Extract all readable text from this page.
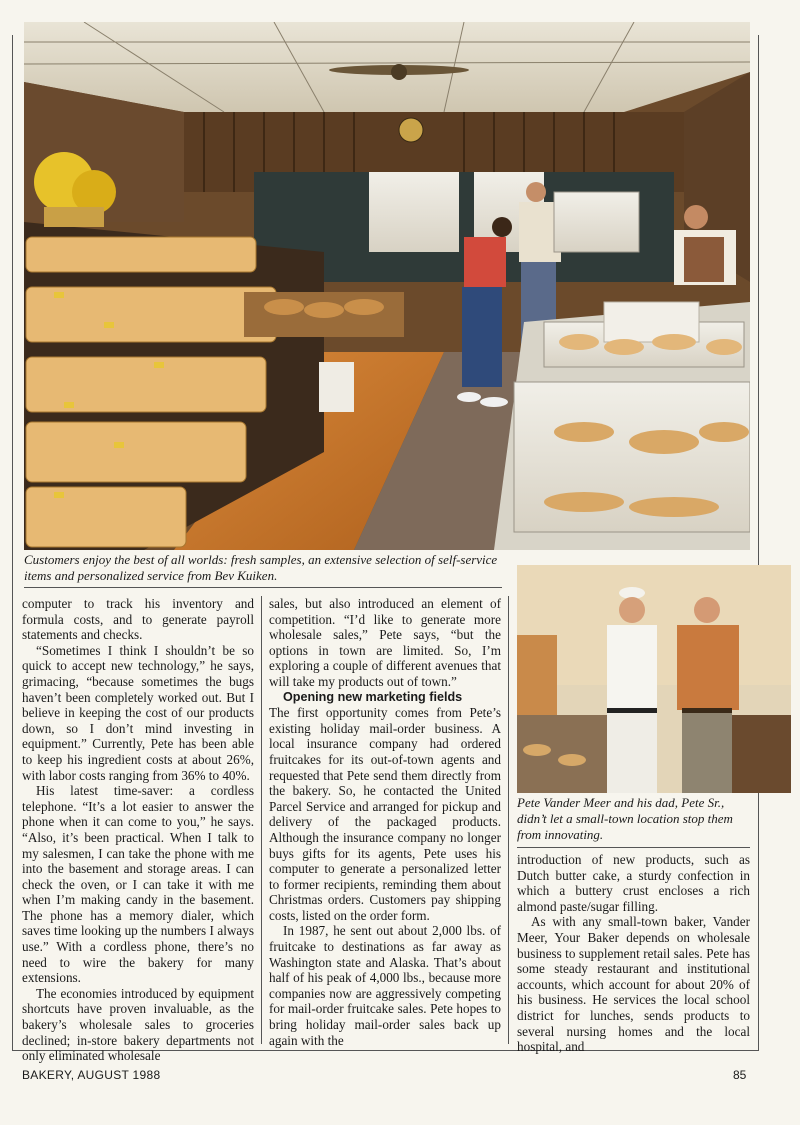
Customers enjoy the best of all worlds: fresh samples, an extensive selection of self-service items and personalized service from Bev Kuiken.

computer to track his inventory and formula costs, and to generate payroll statements and checks.

“Sometimes I think I shouldn’t be so quick to accept new technology,” he says, grimacing, “because sometimes the bugs haven’t been completely worked out. But I believe in keeping the cost of our products down, so I don’t mind investing in equipment.” Currently, Pete has been able to keep his ingredient costs at about 26%, with labor costs ranging from 36% to 40%.

His latest time-saver: a cordless telephone. “It’s a lot easier to answer the phone when it can come to you,” he says. “Also, it’s been practical. When I talk to my salesmen, I can take the phone with me into the basement and storage areas. I can check the oven, or I can take it with me when I’m making candy in the basement. The phone has a memory dialer, which saves time looking up the numbers I always use.” With a cordless phone, there’s no need to wire the bakery for many extensions.

The economies introduced by equipment shortcuts have proven invaluable, as the bakery’s wholesale sales to groceries declined; in-store bakery departments not only eliminated wholesale

sales, but also introduced an element of competition. “I’d like to generate more wholesale sales,” Pete says, “but the options in town are limited. So, I’m exploring a couple of different avenues that will take my products out of town.”

Opening new marketing fields

The first opportunity comes from Pete’s existing holiday mail-order business. A local insurance company had ordered fruitcakes for its out-of-town agents and requested that Pete send them directly from the bakery. So, he contacted the United Parcel Service and arranged for pickup and delivery of the packaged products. Although the insurance company no longer buys gifts for its agents, Pete uses his computer to generate a personalized letter to former recipients, reminding them about Christmas orders. Customers pay shipping costs, listed on the order form.

In 1987, he sent out about 2,000 lbs. of fruitcake to destinations as far away as Washington state and Alaska. That’s about half of his peak of 4,000 lbs., because more companies now are aggressively competing for mail-order fruitcake sales. Pete hopes to bring holiday mail-order sales back up again with the

Pete Vander Meer and his dad, Pete Sr., didn’t let a small-town location stop them from innovating.

introduction of new products, such as Dutch butter cake, a sturdy confection in which a buttery crust encloses a rich almond paste/sugar filling.

As with any small-town baker, Vander Meer, Your Baker depends on wholesale business to supplement retail sales. Pete has some steady restaurant and institutional accounts, which account for about 20% of his business. He services the local school district for lunches, sends products to several nursing homes and the local hospital, and

BAKERY, AUGUST 1988	85
